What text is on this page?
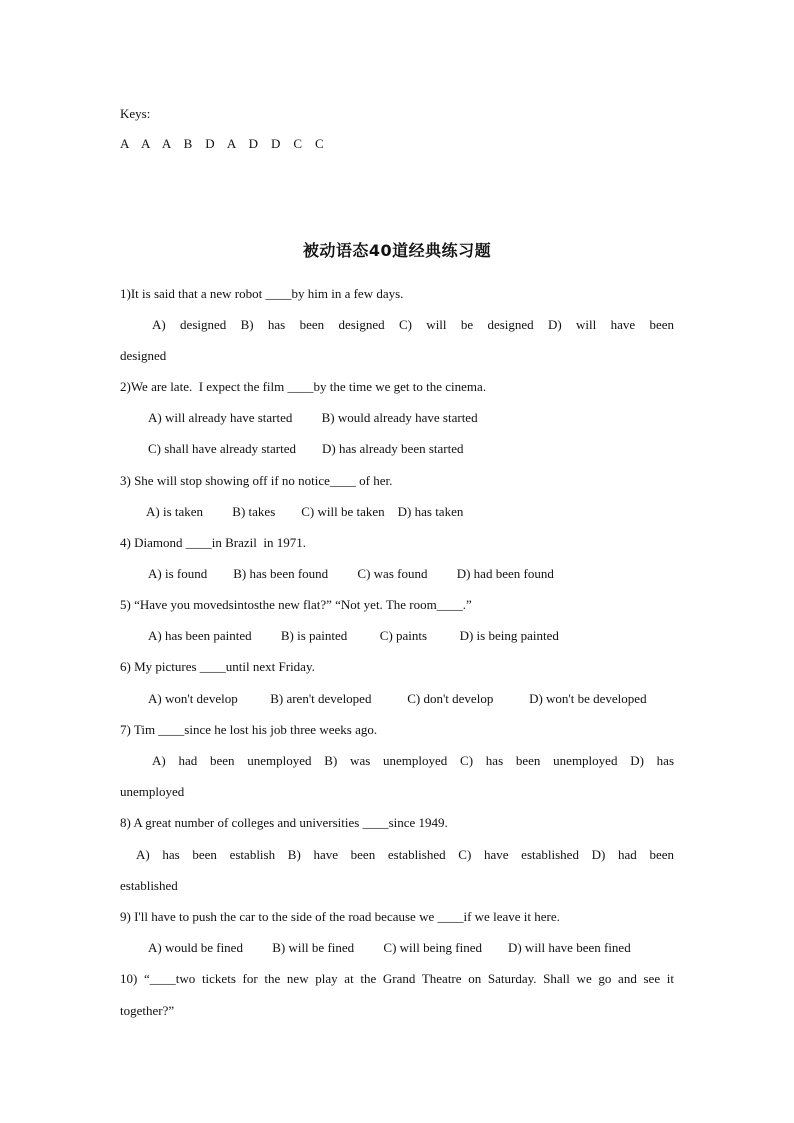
Keys:
A    A    A    B    D    A    D    D    C    C
被动语态40道经典练习题
1)It is said that a new robot ____by him in a few days.
A) designed B) has been designed C) will be designed D) will have been
designed
2)We are late.  I expect the film ____by the time we get to the cinema.
A) will already have started         B) would already have started
C) shall have already started        D) has already been started
3) She will stop showing off if no notice____ of her.
A) is taken         B) takes        C) will be taken    D) has taken
4) Diamond ____in Brazil  in 1971.
A) is found        B) has been found         C) was found         D) had been found
5) “Have you movedsintosthe new flat?” “Not yet. The room____.”
A) has been painted         B) is painted          C) paints          D) is being painted
6) My pictures ____until next Friday.
A) won't develop          B) aren't developed           C) don't develop           D) won't be developed
7) Tim ____since he lost his job three weeks ago.
A) had been unemployed B) was unemployed C) has been unemployed D) has
unemployed
8) A great number of colleges and universities ____since 1949.
A) has been establish B) have been established C) have established D) had been
established
9) I'll have to push the car to the side of the road because we ____if we leave it here.
A) would be fined         B) will be fined         C) will being fined        D) will have been fined
10) “____two tickets for the new play at the Grand Theatre on Saturday. Shall we go and see it
together?”
